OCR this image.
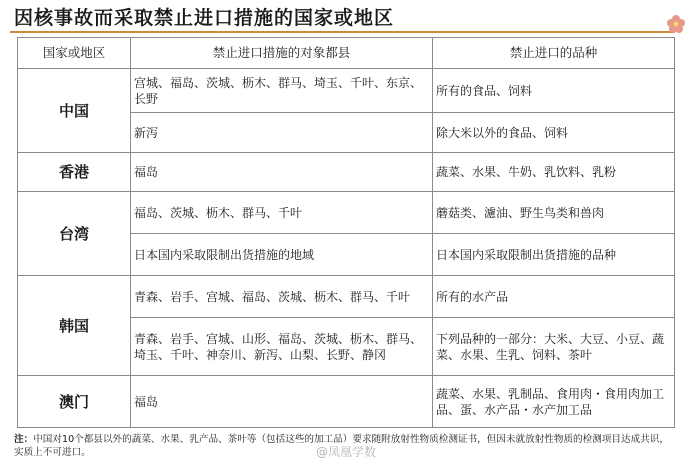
因核事故而采取禁止进口措施的国家或地区
国家或地区	禁止进口措施的对象都县	禁止进口的品种
中国	宫城、福岛、茨城、枥木、群马、埼玉、千叶、东京、长野	所有的食品、饲料
	新泻	除大米以外的食品、饲料
香港	福岛	蔬菜、水果、牛奶、乳饮料、乳粉
台湾	福岛、茨城、枥木、群马、千叶	蘑菇类、濾油、野生鸟类和兽肉
	日本国内采取限制出货措施的地域	日本国内采取限制出货措施的品种
韩国	青森、岩手、宫城、福岛、茨城、枥木、群马、千叶	所有的水产品
	青森、岩手、宫城、山形、福岛、茨城、枥木、群马、埼玉、千叶、神奈川、新泻、山梨、长野、静冈	下列品种的一部分：大米、大豆、小豆、蔬菜、水果、生乳、饲料、茶叶
澳门	福岛	蔬菜、水果、乳制品、食用肉・食用肉加工品、蛋、水产品・水产加工品
注：中国对10个都县以外的蔬菜、水果、乳产品、茶叶等（包括这些的加工品）要求随附放射性物质检测证书，但因未就放射性物质的检测项目达成共识，实质上不可进口。	@凤凰学数
